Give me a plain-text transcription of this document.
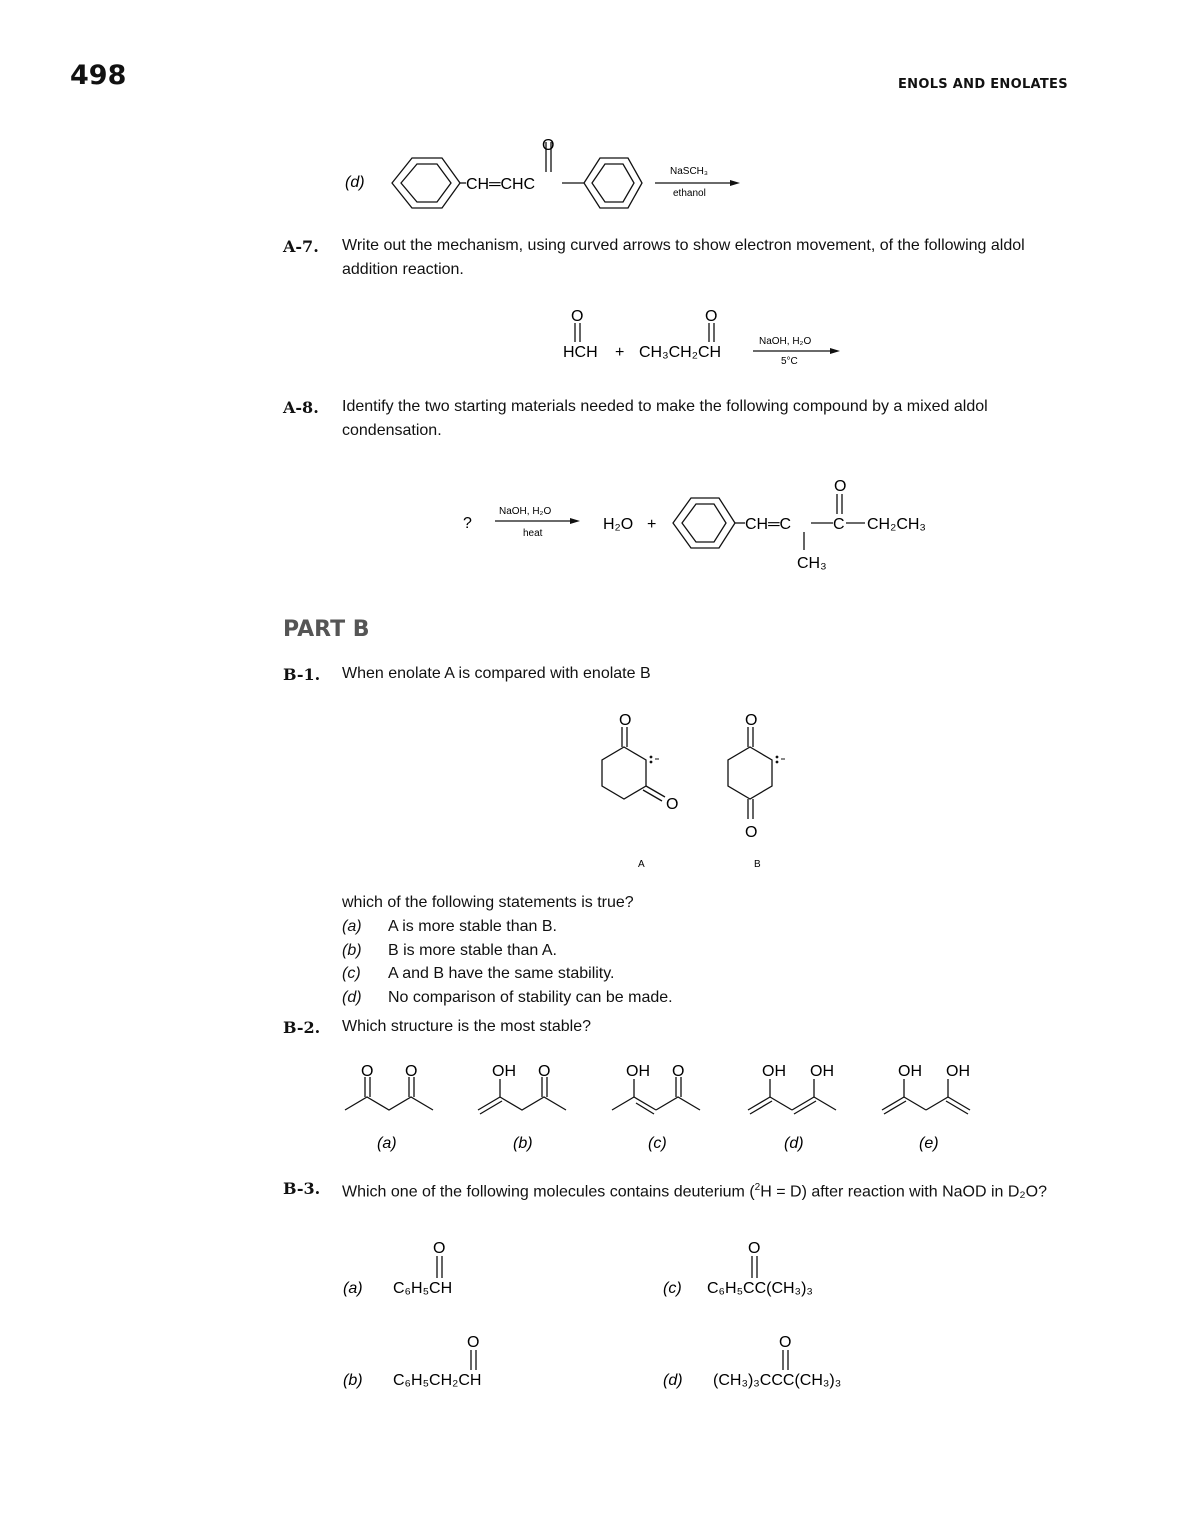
498	ENOLS AND ENOLATES
(d)	CH═CHC
O
NaSCH₃
ethanol
A-7. Write out the mechanism, using curved arrows to show electron movement, of the following aldol addition reaction.
O
HCH + CH₃CH₂CH
O
NaOH, H₂O
5°C
A-8. Identify the two starting materials needed to make the following compound by a mixed aldol condensation.
?
NaOH, H₂O
heat
H₂O +	CH═C	C CH₂CH₃
O
CH₃
PART B
B-1. When enolate A is compared with enolate B
O
O
A
O
O
B
which of the following statements is true?
(a) A is more stable than B.
(b) B is more stable than A.
(c) A and B have the same stability.
(d) No comparison of stability can be made.
B-2. Which structure is the most stable?
O O
(a)
OH O
(b)
OH O
(c)
OH OH
(d)
OH OH
(e)
B-3. Which one of the following molecules contains deuterium ($^2$H = D) after reaction with NaOD in D₂O?
(a) C₆H₅CH
O
(c) C₆H₅CC(CH₃)₃
O
(b) C₆H₅CH₂CH
O
(d) (CH₃)₃CCC(CH₃)₃
O
